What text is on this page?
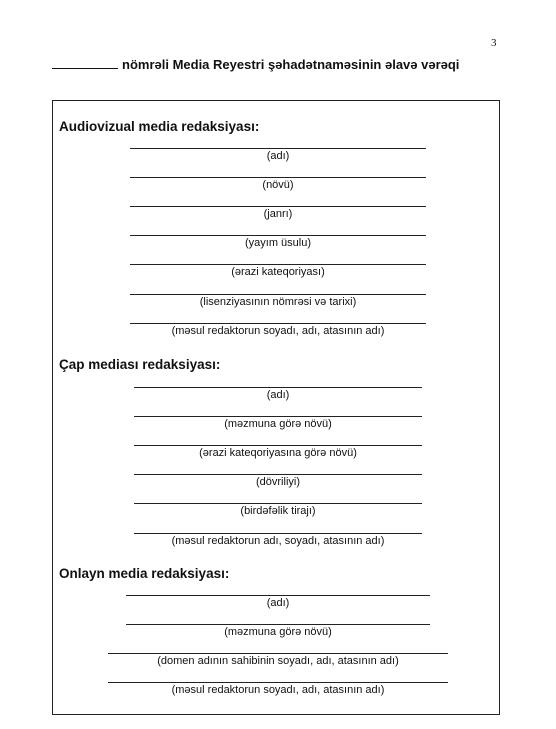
3
nömrəli Media Reyestri şəhadətnaməsinin əlavə vərəqi
Audiovizual media redaksiyası:
(adı)
(növü)
(janrı)
(yayım üsulu)
(ərazi kateqoriyası)
(lisenziyasının nömrəsi və tarixi)
(məsul redaktorun soyadı, adı, atasının adı)
Çap mediası redaksiyası:
(adı)
(məzmuna görə növü)
(ərazi kateqoriyasına görə növü)
(dövriliyi)
(birdəfəlik tirajı)
(məsul redaktorun adı, soyadı, atasının adı)
Onlayn media redaksiyası:
(adı)
(məzmuna görə növü)
(domen adının sahibinin soyadı, adı, atasının adı)
(məsul redaktorun soyadı, adı, atasının adı)
